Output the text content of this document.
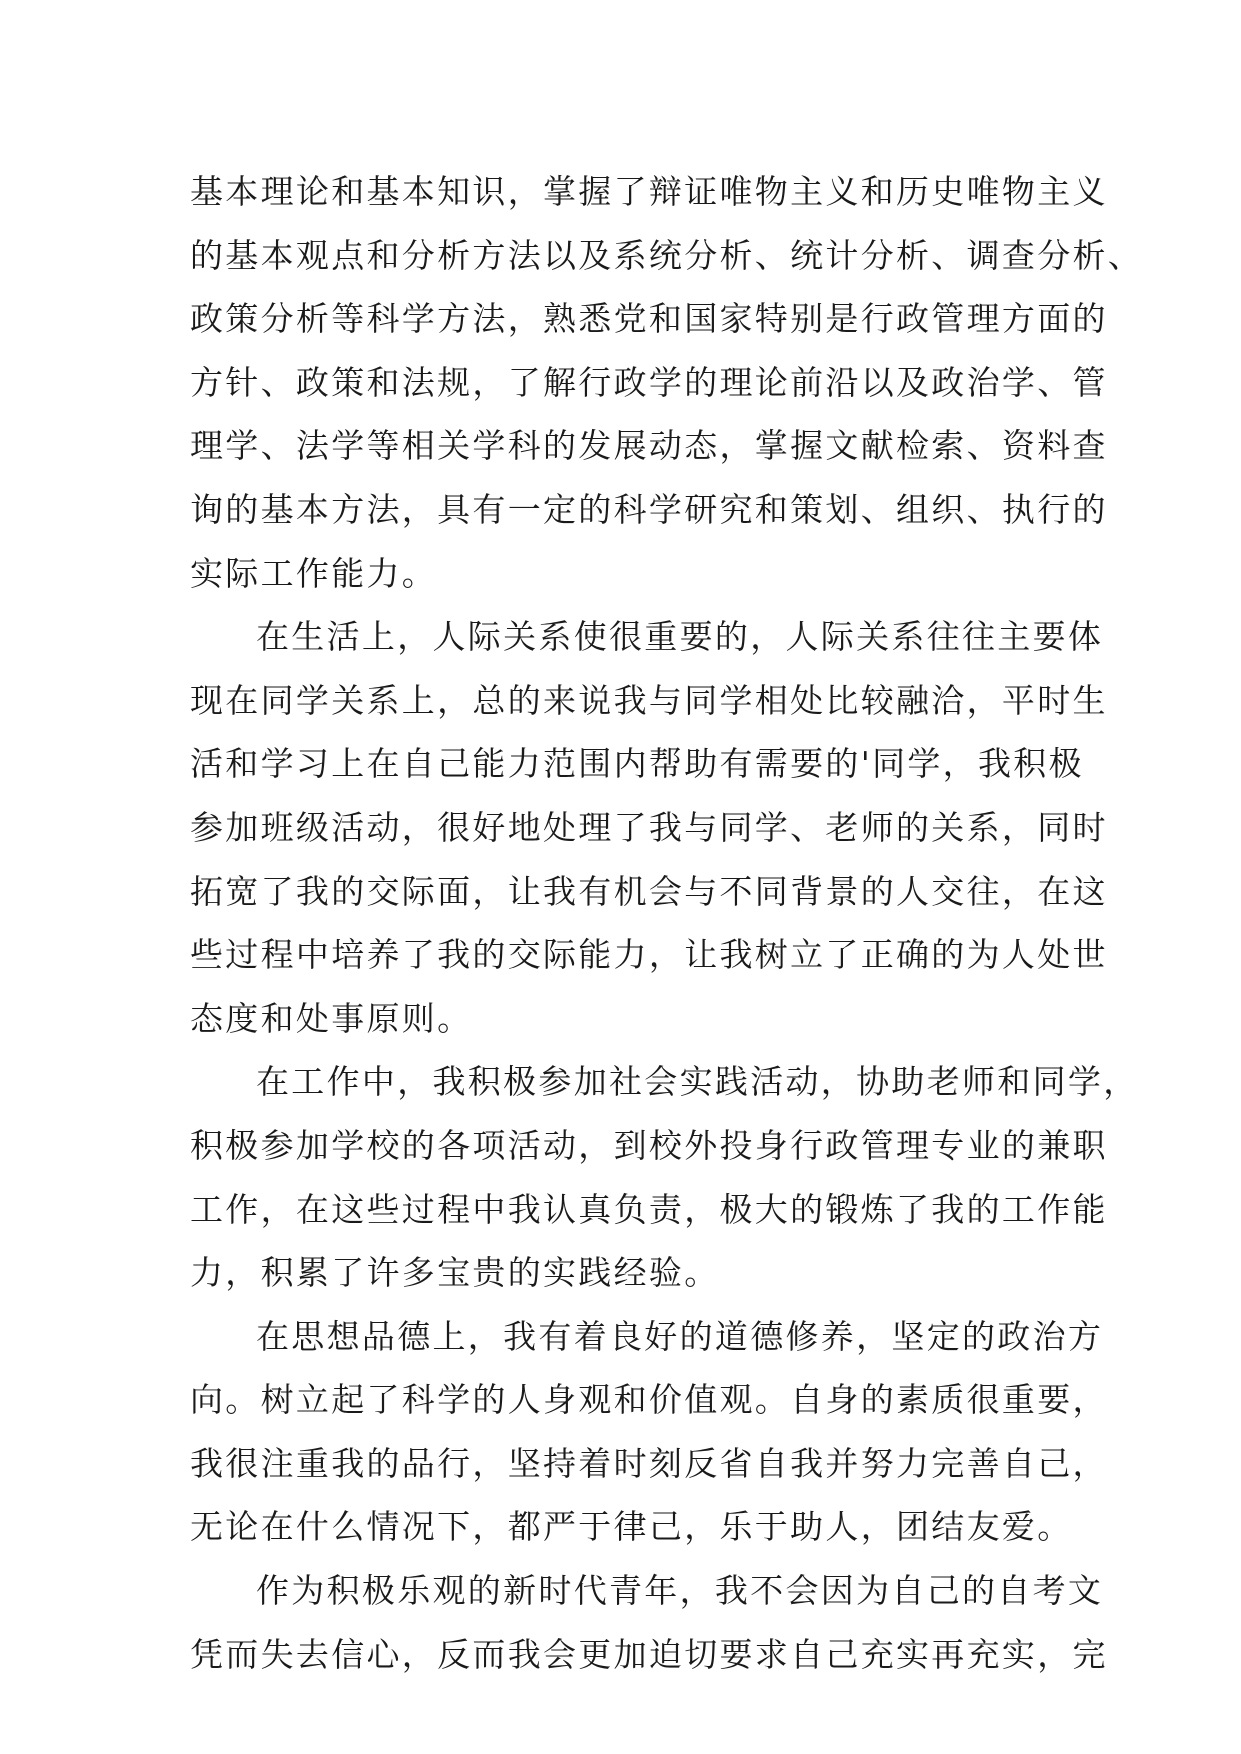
基本理论和基本知识，掌握了辩证唯物主义和历史唯物主义
的基本观点和分析方法以及系统分析、统计分析、调查分析、
政策分析等科学方法，熟悉党和国家特别是行政管理方面的
方针、政策和法规，了解行政学的理论前沿以及政治学、管
理学、法学等相关学科的发展动态，掌握文献检索、资料查
询的基本方法，具有一定的科学研究和策划、组织、执行的
实际工作能力。
在生活上，人际关系使很重要的，人际关系往往主要体
现在同学关系上，总的来说我与同学相处比较融洽，平时生
活和学习上在自己能力范围内帮助有需要的'同学，我积极
参加班级活动，很好地处理了我与同学、老师的关系，同时
拓宽了我的交际面，让我有机会与不同背景的人交往，在这
些过程中培养了我的交际能力，让我树立了正确的为人处世
态度和处事原则。
在工作中，我积极参加社会实践活动，协助老师和同学，
积极参加学校的各项活动，到校外投身行政管理专业的兼职
工作，在这些过程中我认真负责，极大的锻炼了我的工作能
力，积累了许多宝贵的实践经验。
在思想品德上，我有着良好的道德修养，坚定的政治方
向。树立起了科学的人身观和价值观。自身的素质很重要，
我很注重我的品行，坚持着时刻反省自我并努力完善自己，
无论在什么情况下，都严于律己，乐于助人，团结友爱。
作为积极乐观的新时代青年，我不会因为自己的自考文
凭而失去信心，反而我会更加迫切要求自己充实再充实，完
